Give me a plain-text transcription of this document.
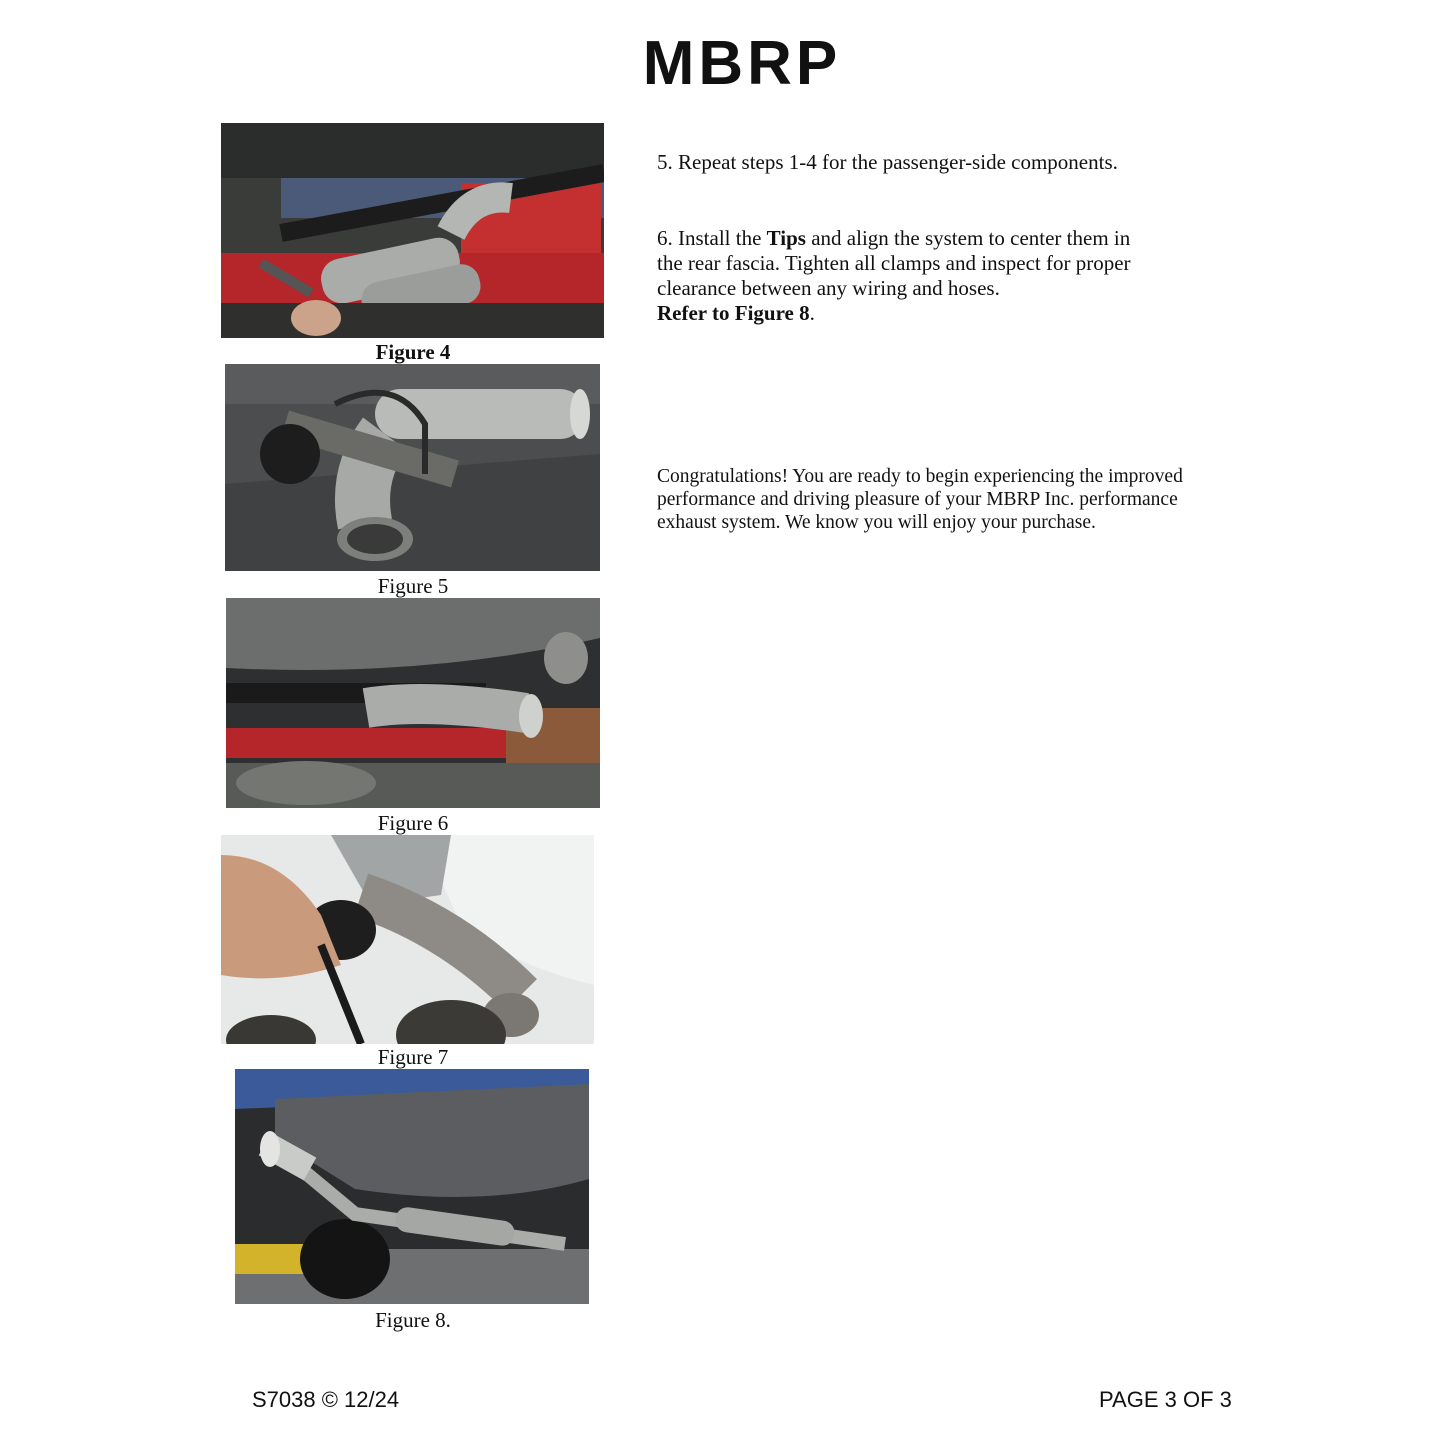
MBRP
Figure 4
Figure 5
Figure 6
Figure 7
Figure 8.
5. Repeat steps 1-4 for the passenger-side components.
6. Install the Tips and align the system to center them in
the rear fascia. Tighten all clamps and inspect for proper
clearance between any wiring and hoses.
Refer to Figure 8.
Congratulations! You are ready to begin experiencing the improved
performance and driving pleasure of your MBRP Inc. performance
exhaust system. We know you will enjoy your purchase.
S7038 © 12/24	PAGE 3 OF 3
